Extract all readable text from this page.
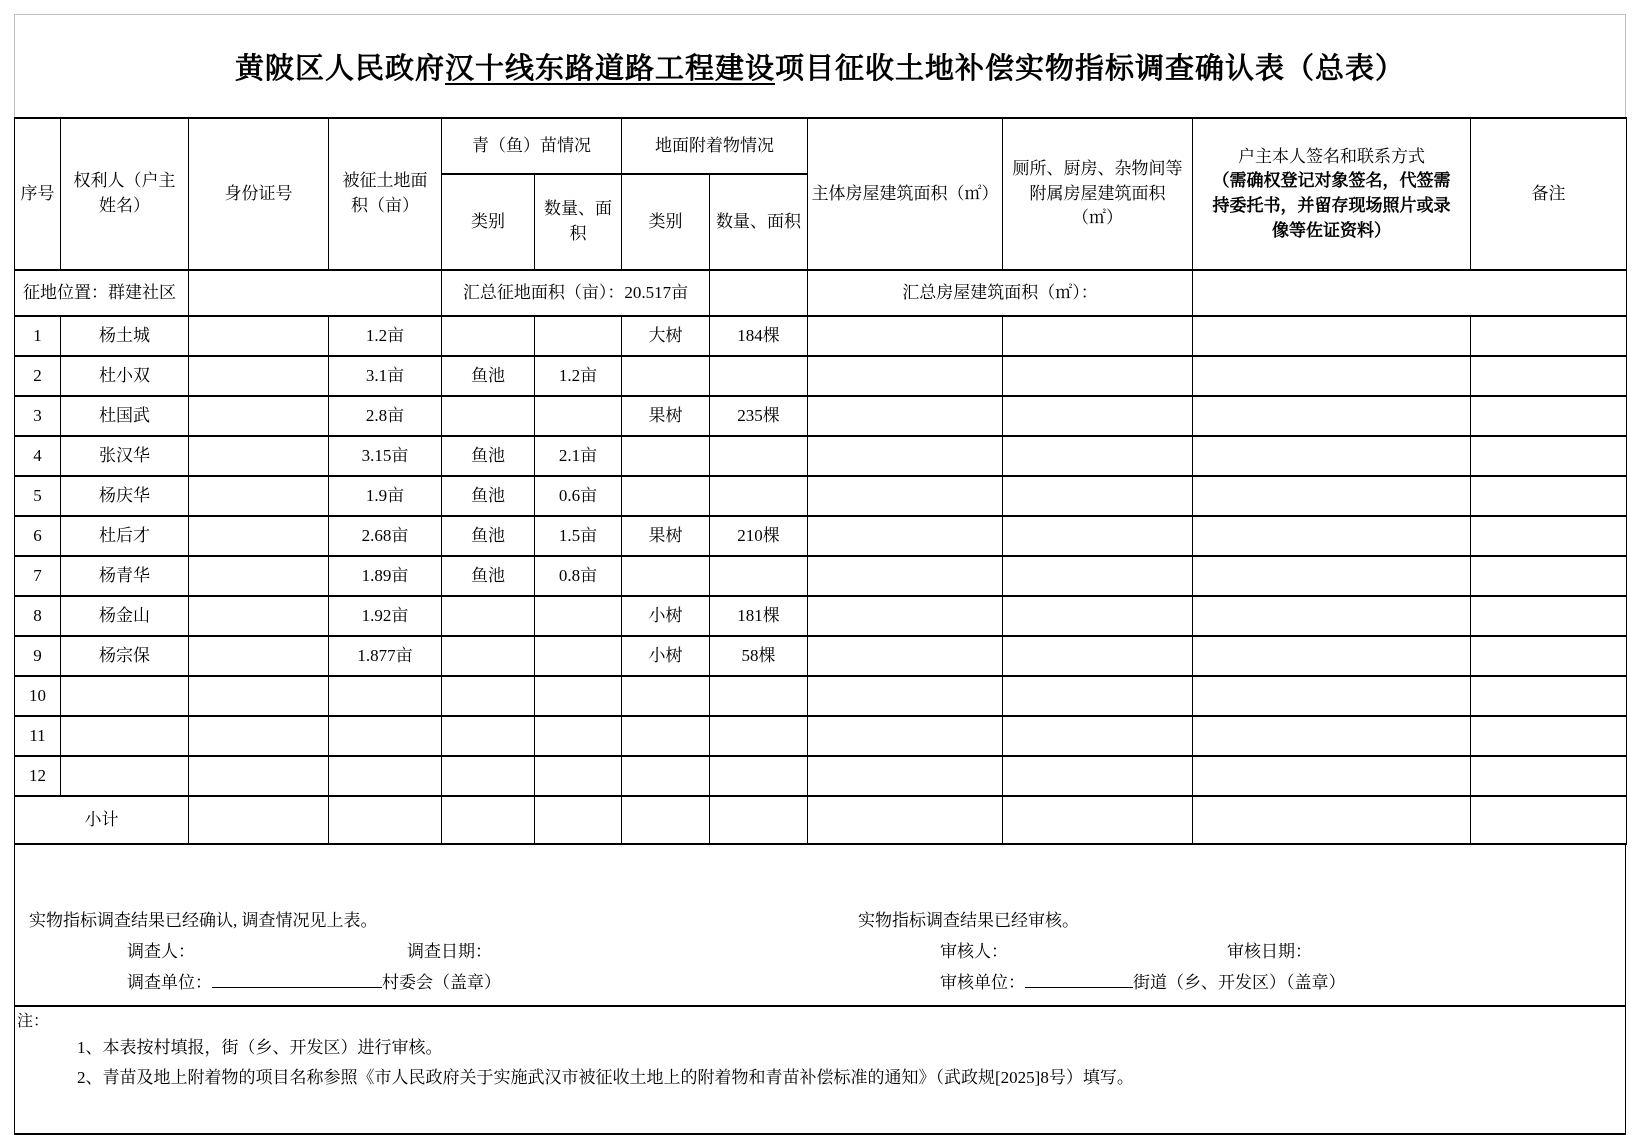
黄陂区人民政府汉十线东路道路工程建设项目征收土地补偿实物指标调查确认表（总表）
征地位置：群建社区				汇总征地面积（亩）：20.517亩				汇总房屋建筑面积（㎡）：			
序号	权利人（户主姓名）	身份证号	被征土地面积（亩）	青（鱼）苗情况		地面附着物情况		主体房屋建筑面积（㎡）	厕所、厨房、杂物间等附属房屋建筑面积（㎡）	户主本人签名和联系方式
（需确权登记对象签名，代签需持委托书，并留存现场照片或录像等佐证资料）	备注
				类别	数量、面积	类别	数量、面积				
1	杨土城		1.2亩			大树	184棵				
2	杜小双		3.1亩	鱼池	1.2亩						
3	杜国武		2.8亩			果树	235棵				
4	张汉华		3.15亩	鱼池	2.1亩						
5	杨庆华		1.9亩	鱼池	0.6亩						
6	杜后才		2.68亩	鱼池	1.5亩	果树	210棵				
7	杨青华		1.89亩	鱼池	0.8亩						
8	杨金山		1.92亩			小树	181棵				
9	杨宗保		1.877亩			小树	58棵				
10											
11											
12											
小计											
实物指标调查结果已经确认, 调查情况见上表。
调查人：	调查日期：
调查单位：	村委会（盖章）
实物指标调查结果已经审核。
审核人：	审核日期：
审核单位：	街道（乡、开发区）（盖章）
注：
1、本表按村填报，街（乡、开发区）进行审核。
2、青苗及地上附着物的项目名称参照《市人民政府关于实施武汉市被征收土地上的附着物和青苗补偿标准的通知》（武政规[2025]8号）填写。
